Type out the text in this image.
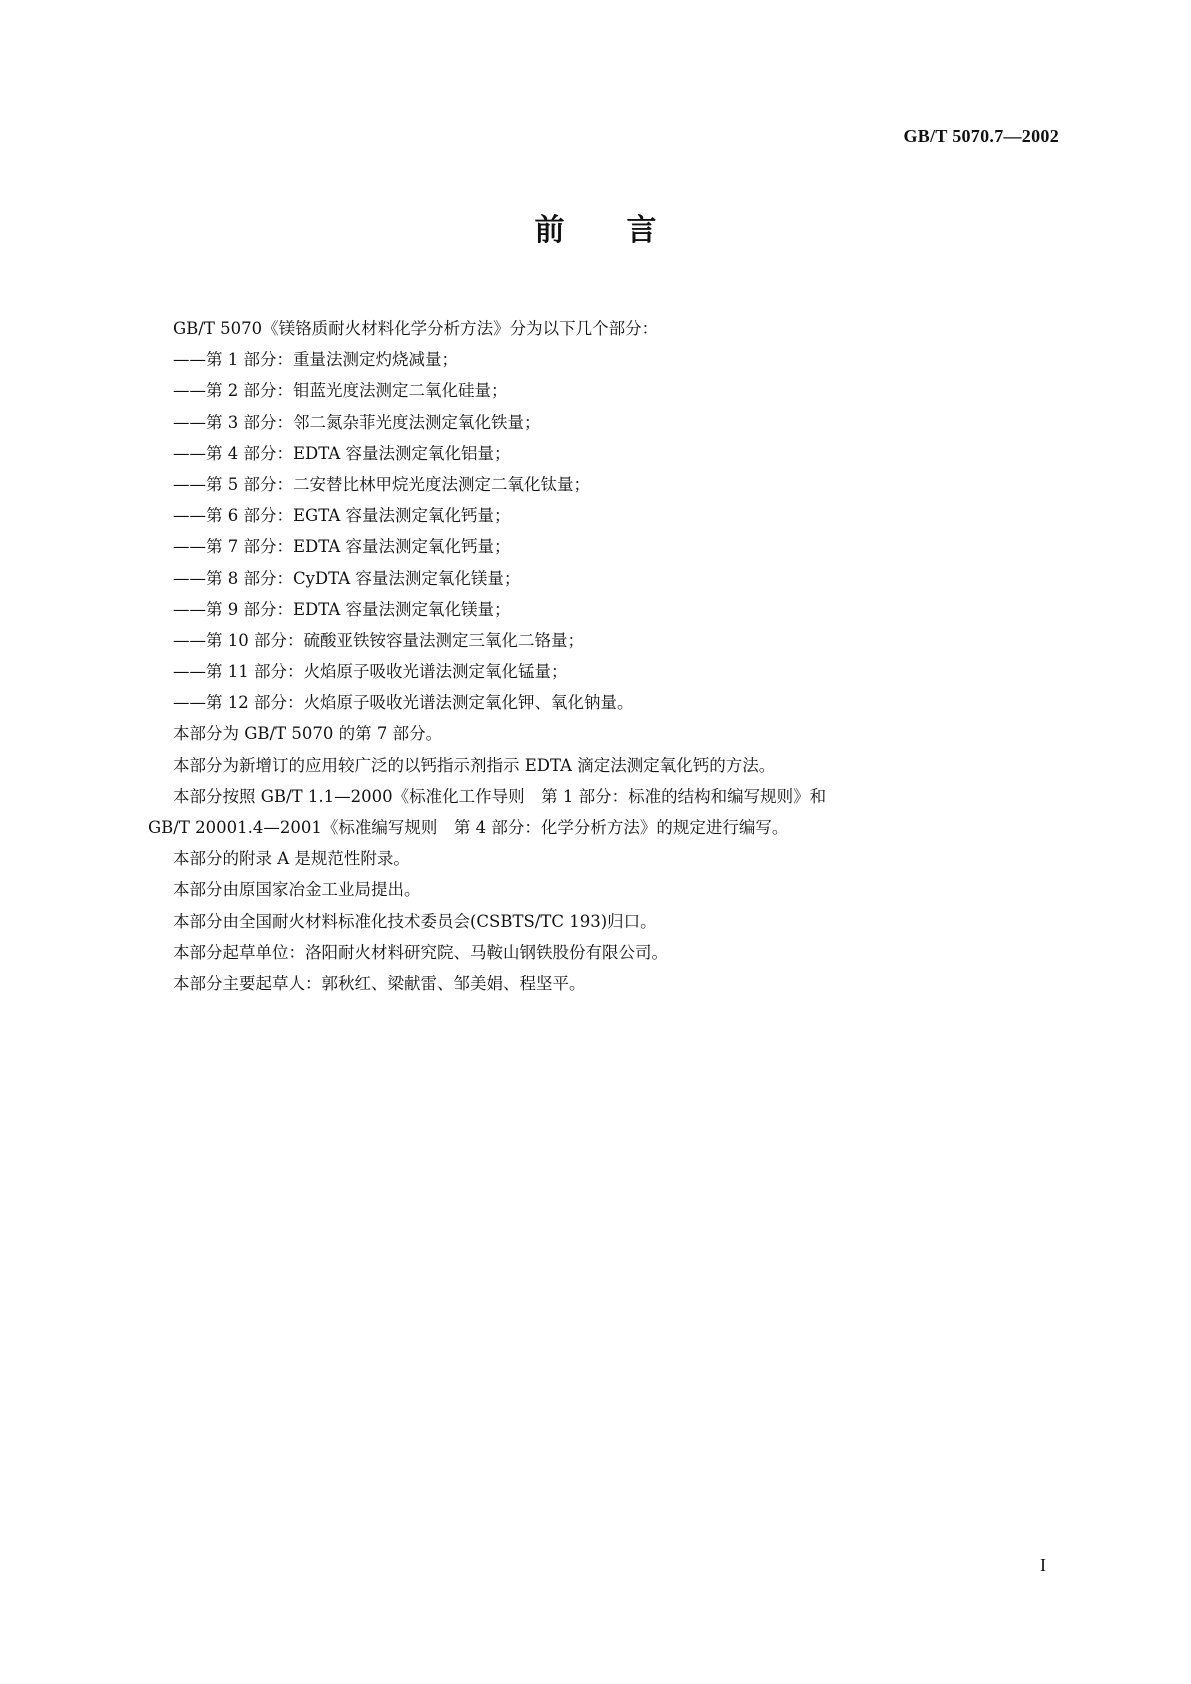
GB/T 5070.7—2002
前言
GB/T 5070《镁铬质耐火材料化学分析方法》分为以下几个部分：
——第 1 部分：重量法测定灼烧减量；
——第 2 部分：钼蓝光度法测定二氧化硅量；
——第 3 部分：邻二氮杂菲光度法测定氧化铁量；
——第 4 部分：EDTA 容量法测定氧化铝量；
——第 5 部分：二安替比林甲烷光度法测定二氧化钛量；
——第 6 部分：EGTA 容量法测定氧化钙量；
——第 7 部分：EDTA 容量法测定氧化钙量；
——第 8 部分：CyDTA 容量法测定氧化镁量；
——第 9 部分：EDTA 容量法测定氧化镁量；
——第 10 部分：硫酸亚铁铵容量法测定三氧化二铬量；
——第 11 部分：火焰原子吸收光谱法测定氧化锰量；
——第 12 部分：火焰原子吸收光谱法测定氧化钾、氧化钠量。
本部分为 GB/T 5070 的第 7 部分。
本部分为新增订的应用较广泛的以钙指示剂指示 EDTA 滴定法测定氧化钙的方法。
本部分按照 GB/T 1.1—2000《标准化工作导则　第 1 部分：标准的结构和编写规则》和
GB/T 20001.4—2001《标准编写规则　第 4 部分：化学分析方法》的规定进行编写。
本部分的附录 A 是规范性附录。
本部分由原国家冶金工业局提出。
本部分由全国耐火材料标准化技术委员会(CSBTS/TC 193)归口。
本部分起草单位：洛阳耐火材料研究院、马鞍山钢铁股份有限公司。
本部分主要起草人：郭秋红、梁献雷、邹美娟、程坚平。
I
